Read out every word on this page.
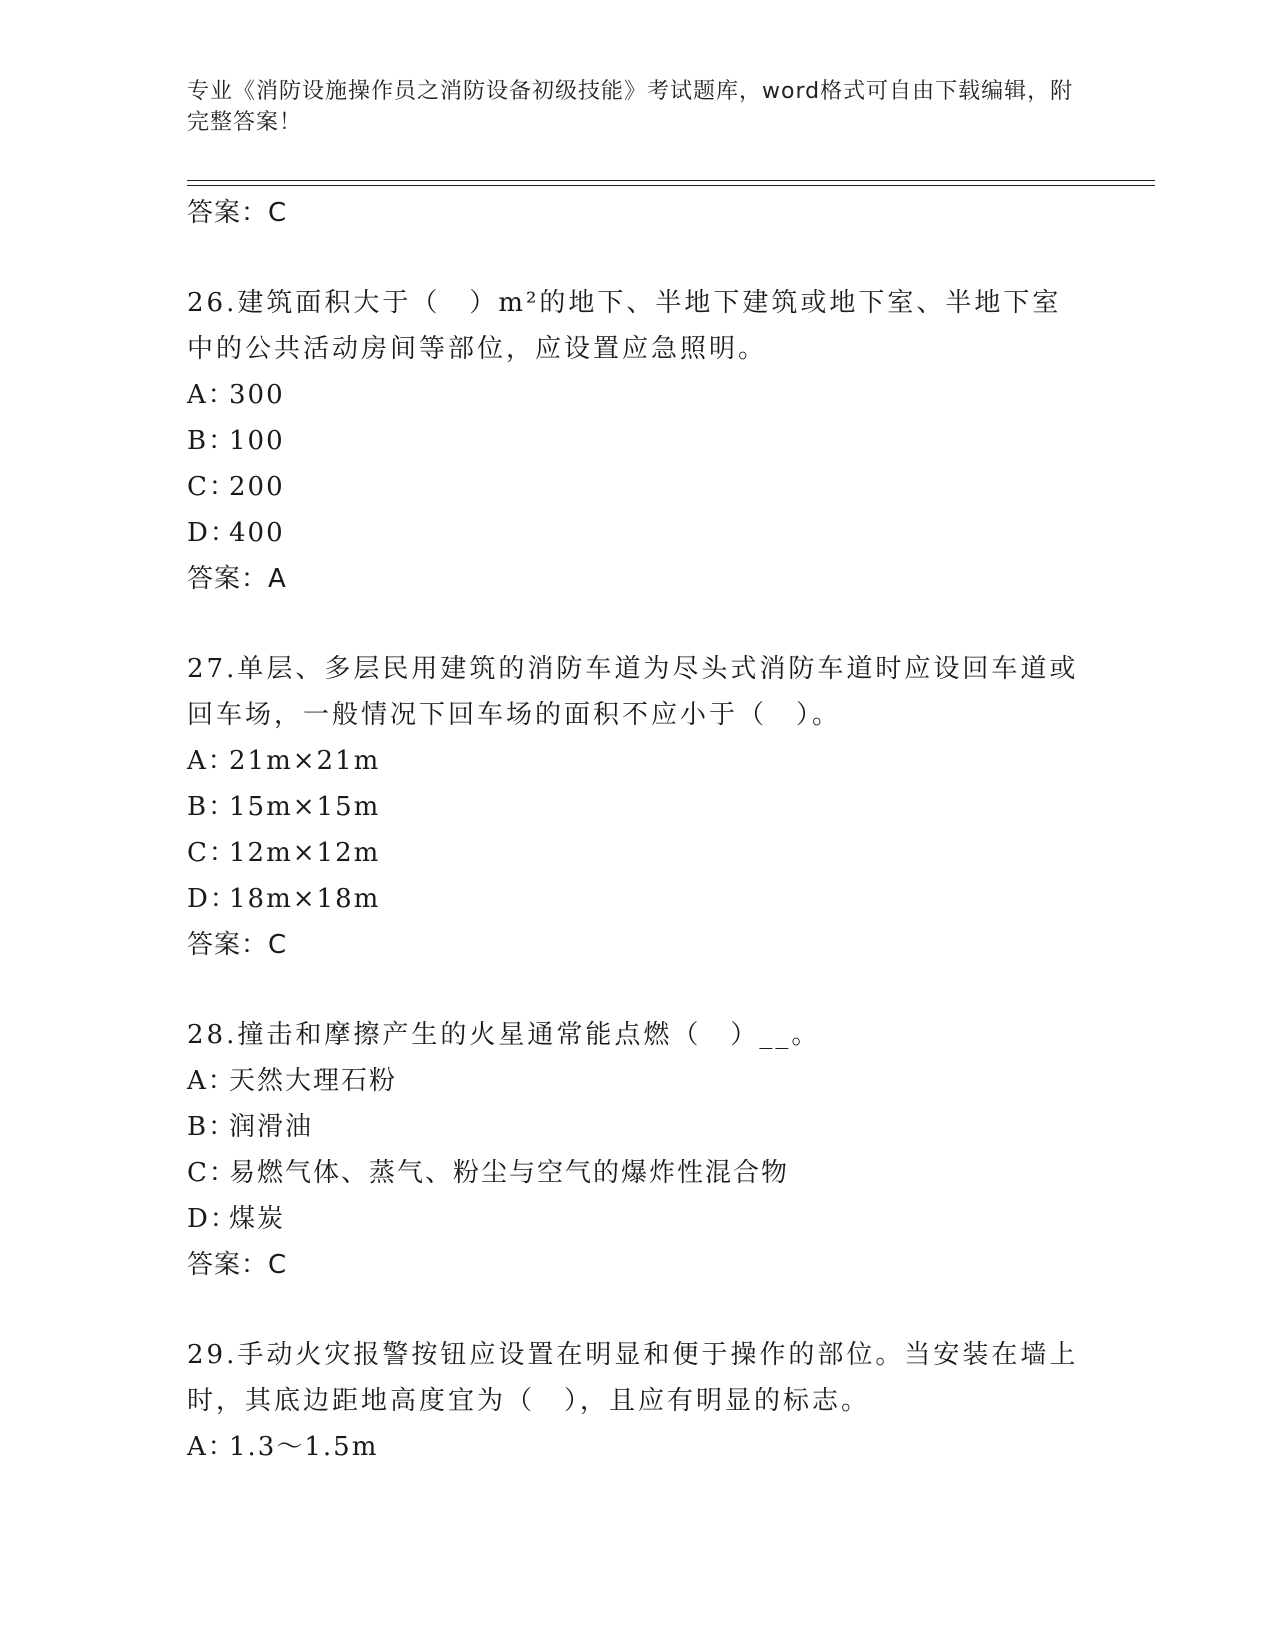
专业《消防设施操作员之消防设备初级技能》考试题库，word格式可自由下载编辑，附完整答案！
答案：C

26.建筑面积大于（　）m²的地下、半地下建筑或地下室、半地下室中的公共活动房间等部位，应设置应急照明。

A：300
B：100
C：200
D：400
答案：A

27.单层、多层民用建筑的消防车道为尽头式消防车道时应设回车道或回车场，一般情况下回车场的面积不应小于（　）。

A：21m×21m
B：15m×15m
C：12m×12m
D：18m×18m
答案：C

28.撞击和摩擦产生的火星通常能点燃（　）__。

A：天然大理石粉
B：润滑油
C：易燃气体、蒸气、粉尘与空气的爆炸性混合物
D：煤炭
答案：C

29.手动火灾报警按钮应设置在明显和便于操作的部位。当安装在墙上时，其底边距地高度宜为（　），且应有明显的标志。

A：1.3～1.5m
